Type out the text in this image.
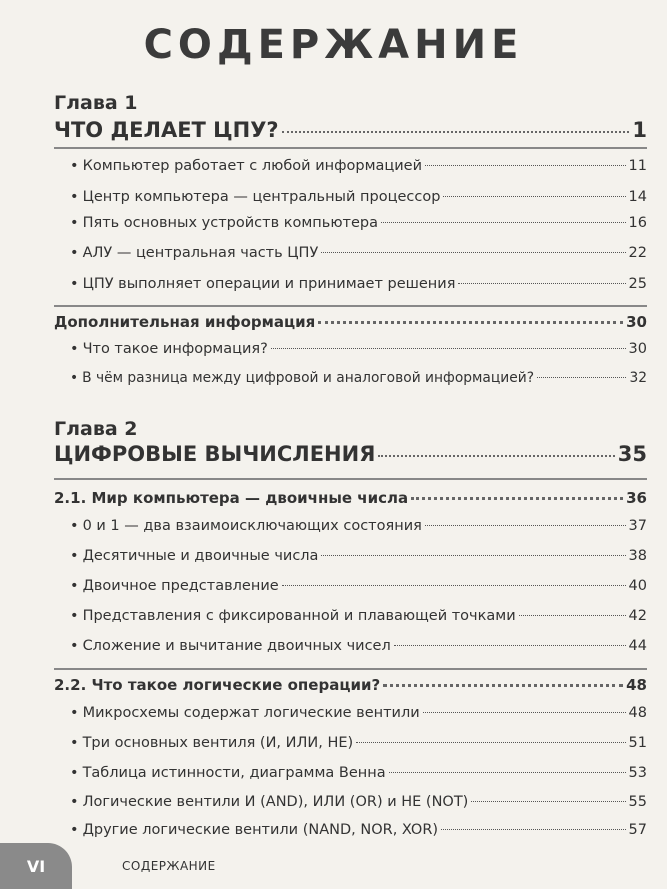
СОДЕРЖАНИЕ
Глава 1
ЧТО ДЕЛАЕТ ЦПУ?	1
• Компьютер работает с любой информацией	11
• Центр компьютера — центральный процессор	14
• Пять основных устройств компьютера	16
• АЛУ — центральная часть ЦПУ	22
• ЦПУ выполняет операции и принимает решения	25
Дополнительная информация	30
• Что такое информация?	30
• В чём разница между цифровой и аналоговой информацией?	32
Глава 2
ЦИФРОВЫЕ ВЫЧИСЛЕНИЯ	35
2.1. Мир компьютера — двоичные числа	36
• 0 и 1 — два взаимоисключающих состояния	37
• Десятичные и двоичные числа	38
• Двоичное представление	40
• Представления с фиксированной и плавающей точками	42
• Сложение и вычитание двоичных чисел	44
2.2. Что такое логические операции?	48
• Микросхемы содержат логические вентили	48
• Три основных вентиля (И, ИЛИ, НЕ)	51
• Таблица истинности, диаграмма Венна	53
• Логические вентили И (AND), ИЛИ (OR) и НЕ (NOT)	55
• Другие логические вентили (NAND, NOR, XOR)	57
VI	СОДЕРЖАНИЕ
